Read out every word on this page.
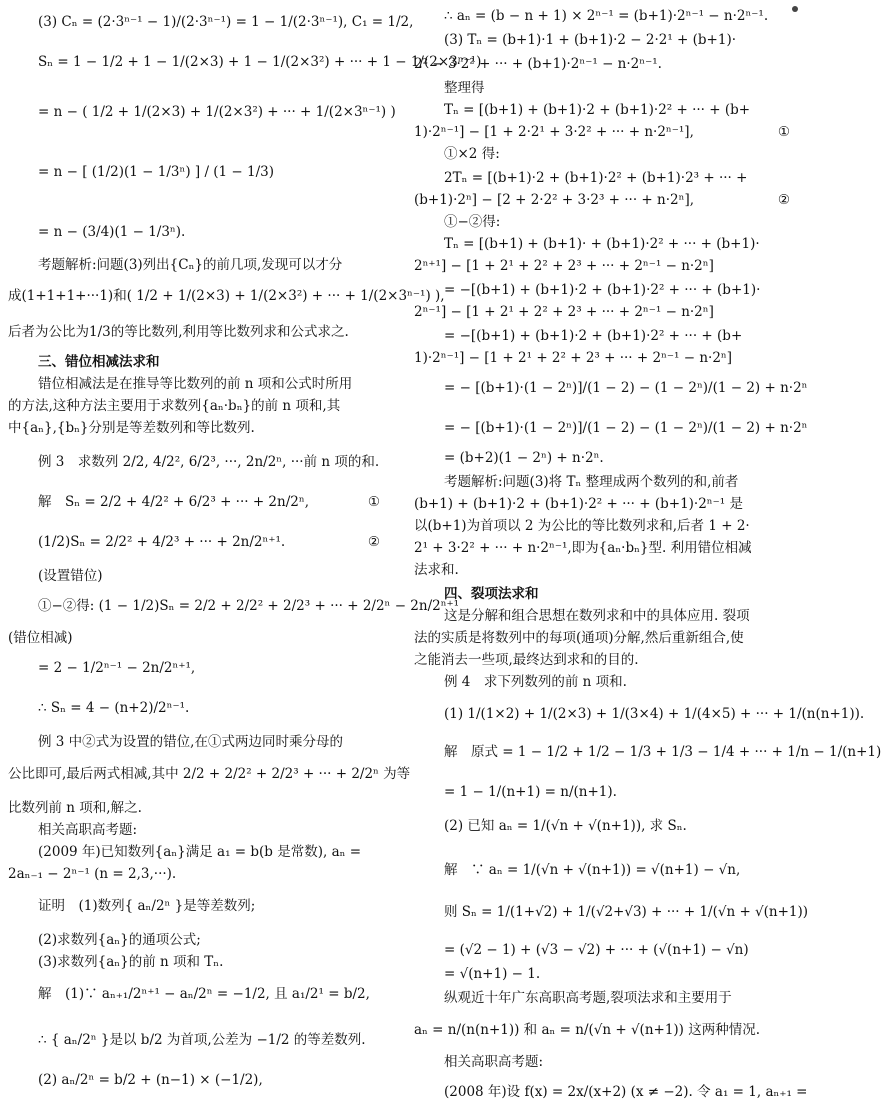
(3) Cₙ = (2·3ⁿ⁻¹ − 1)/(2·3ⁿ⁻¹) = 1 − 1/(2·3ⁿ⁻¹), C₁ = 1/2,
Sₙ = 1 − 1/2 + 1 − 1/(2×3) + 1 − 1/(2×3²) + ··· + 1 − 1/(2×3ⁿ⁻¹)
= n − ( 1/2 + 1/(2×3) + 1/(2×3²) + ··· + 1/(2×3ⁿ⁻¹) )
= n − [ (1/2)(1 − 1/3ⁿ) ] / (1 − 1/3)
= n − (3/4)(1 − 1/3ⁿ).
考题解析:问题(3)列出{Cₙ}的前几项,发现可以才分
成(1+1+1+···1)和( 1/2 + 1/(2×3) + 1/(2×3²) + ··· + 1/(2×3ⁿ⁻¹) ),
后者为公比为1/3的等比数列,利用等比数列求和公式求之.
三、错位相减法求和
错位相减法是在推导等比数列的前 n 项和公式时所用
的方法,这种方法主要用于求数列{aₙ·bₙ}的前 n 项和,其
中{aₙ},{bₙ}分别是等差数列和等比数列.
例 3　求数列 2/2, 4/2², 6/2³, ···, 2n/2ⁿ, ···前 n 项的和.
解　Sₙ = 2/2 + 4/2² + 6/2³ + ··· + 2n/2ⁿ,
(1/2)Sₙ = 2/2² + 4/2³ + ··· + 2n/2ⁿ⁺¹.
(设置错位)
①−②得: (1 − 1/2)Sₙ = 2/2 + 2/2² + 2/2³ + ··· + 2/2ⁿ − 2n/2ⁿ⁺¹
(错位相减)
= 2 − 1/2ⁿ⁻¹ − 2n/2ⁿ⁺¹,
∴ Sₙ = 4 − (n+2)/2ⁿ⁻¹.
例 3 中②式为设置的错位,在①式两边同时乘分母的
公比即可,最后两式相减,其中 2/2 + 2/2² + 2/2³ + ··· + 2/2ⁿ 为等
比数列前 n 项和,解之.
相关高职高考题:
(2009 年)已知数列{aₙ}满足 a₁ = b(b 是常数), aₙ =
2aₙ₋₁ − 2ⁿ⁻¹ (n = 2,3,···).
证明　(1)数列{ aₙ/2ⁿ }是等差数列;
(2)求数列{aₙ}的通项公式;
(3)求数列{aₙ}的前 n 项和 Tₙ.
解　(1)∵ aₙ₊₁/2ⁿ⁺¹ − aₙ/2ⁿ = −1/2, 且 a₁/2¹ = b/2,
∴ { aₙ/2ⁿ }是以 b/2 为首项,公差为 −1/2 的等差数列.
(2) aₙ/2ⁿ = b/2 + (n−1) × (−1/2),
①
②
∴ aₙ = (b − n + 1) × 2ⁿ⁻¹ = (b+1)·2ⁿ⁻¹ − n·2ⁿ⁻¹.
(3) Tₙ = (b+1)·1 + (b+1)·2 − 2·2¹ + (b+1)·
2² − 3·2² + ··· + (b+1)·2ⁿ⁻¹ − n·2ⁿ⁻¹.
整理得
Tₙ = [(b+1) + (b+1)·2 + (b+1)·2² + ··· + (b+
1)·2ⁿ⁻¹] − [1 + 2·2¹ + 3·2² + ··· + n·2ⁿ⁻¹],
①×2 得:
2Tₙ = [(b+1)·2 + (b+1)·2² + (b+1)·2³ + ··· +
(b+1)·2ⁿ] − [2 + 2·2² + 3·2³ + ··· + n·2ⁿ],
①−②得:
Tₙ = [(b+1) + (b+1)· + (b+1)·2² + ··· + (b+1)·
2ⁿ⁺¹] − [1 + 2¹ + 2² + 2³ + ··· + 2ⁿ⁻¹ − n·2ⁿ]
= −[(b+1) + (b+1)·2 + (b+1)·2² + ··· + (b+1)·
2ⁿ⁻¹] − [1 + 2¹ + 2² + 2³ + ··· + 2ⁿ⁻¹ − n·2ⁿ]
= −[(b+1) + (b+1)·2 + (b+1)·2² + ··· + (b+
1)·2ⁿ⁻¹] − [1 + 2¹ + 2² + 2³ + ··· + 2ⁿ⁻¹ − n·2ⁿ]
= − [(b+1)·(1 − 2ⁿ)]/(1 − 2) − (1 − 2ⁿ)/(1 − 2) + n·2ⁿ
= − [(b+1)·(1 − 2ⁿ)]/(1 − 2) − (1 − 2ⁿ)/(1 − 2) + n·2ⁿ
= (b+2)(1 − 2ⁿ) + n·2ⁿ.
考题解析:问题(3)将 Tₙ 整理成两个数列的和,前者
(b+1) + (b+1)·2 + (b+1)·2² + ··· + (b+1)·2ⁿ⁻¹ 是
以(b+1)为首项以 2 为公比的等比数列求和,后者 1 + 2·
2¹ + 3·2² + ··· + n·2ⁿ⁻¹,即为{aₙ·bₙ}型. 利用错位相减
法求和.
四、裂项法求和
这是分解和组合思想在数列求和中的具体应用. 裂项
法的实质是将数列中的每项(通项)分解,然后重新组合,使
之能消去一些项,最终达到求和的目的.
例 4　求下列数列的前 n 项和.
(1) 1/(1×2) + 1/(2×3) + 1/(3×4) + 1/(4×5) + ··· + 1/(n(n+1)).
解　原式 = 1 − 1/2 + 1/2 − 1/3 + 1/3 − 1/4 + ··· + 1/n − 1/(n+1)
= 1 − 1/(n+1) = n/(n+1).
(2) 已知 aₙ = 1/(√n + √(n+1)), 求 Sₙ.
解　∵ aₙ = 1/(√n + √(n+1)) = √(n+1) − √n,
则 Sₙ = 1/(1+√2) + 1/(√2+√3) + ··· + 1/(√n + √(n+1))
= (√2 − 1) + (√3 − √2) + ··· + (√(n+1) − √n)
= √(n+1) − 1.
纵观近十年广东高职高考题,裂项法求和主要用于
aₙ = n/(n(n+1)) 和 aₙ = n/(√n + √(n+1)) 这两种情况.
相关高职高考题:
(2008 年)设 f(x) = 2x/(x+2) (x ≠ −2). 令 a₁ = 1, aₙ₊₁ =
①
②
